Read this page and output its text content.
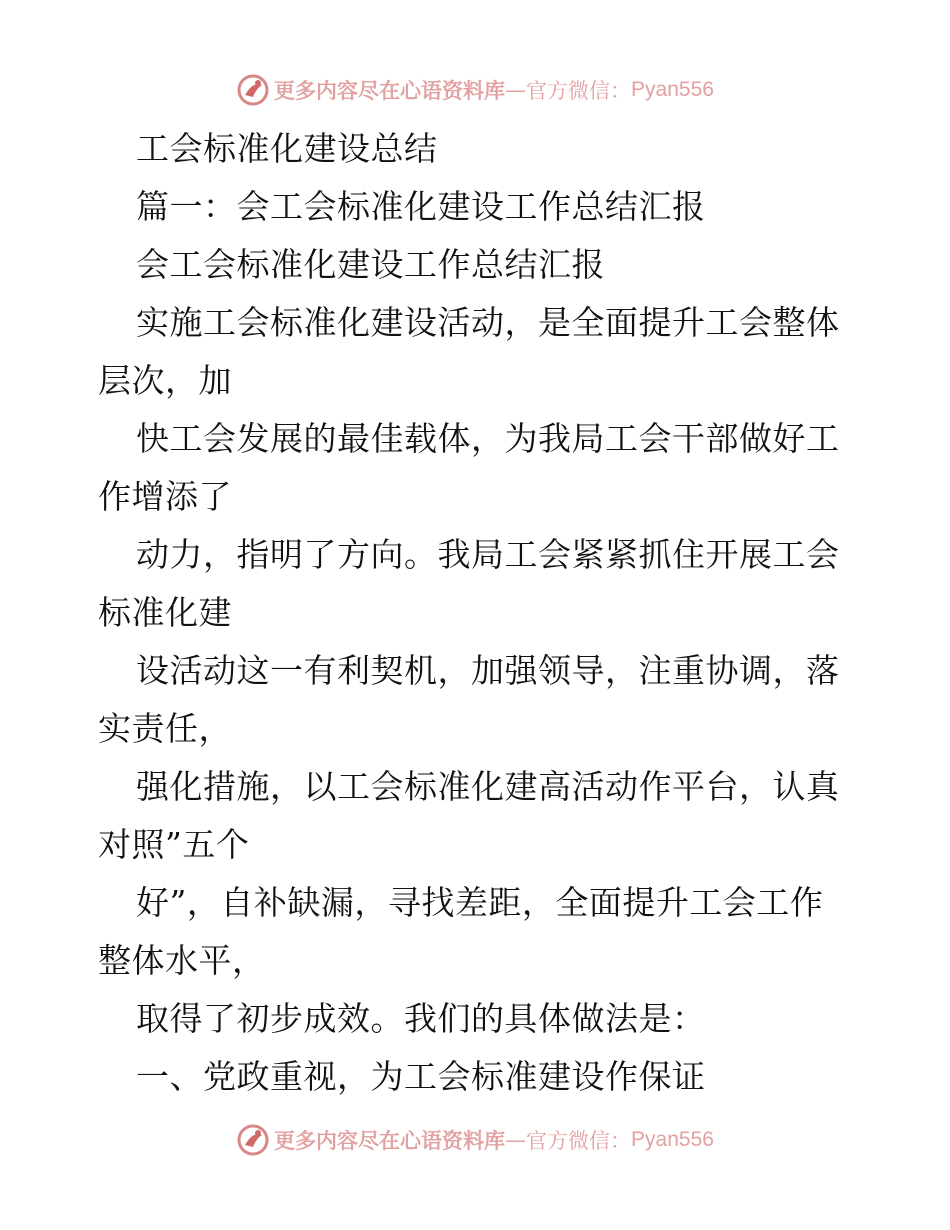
更多内容尽在心语资料库 — 官方微信： Pyan556
工会标准化建设总结
篇一：会工会标准化建设工作总结汇报
会工会标准化建设工作总结汇报
实施工会标准化建设活动，是全面提升工会整体
层次，加
快工会发展的最佳载体，为我局工会干部做好工
作增添了
动力，指明了方向。我局工会紧紧抓住开展工会
标准化建
设活动这一有利契机，加强领导，注重协调，落
实责任，
强化措施，以工会标准化建高活动作平台，认真
对照”五个
好”，自补缺漏，寻找差距，全面提升工会工作
整体水平，
取得了初步成效。我们的具体做法是：
一、党政重视，为工会标准建设作保证
更多内容尽在心语资料库 — 官方微信： Pyan556
